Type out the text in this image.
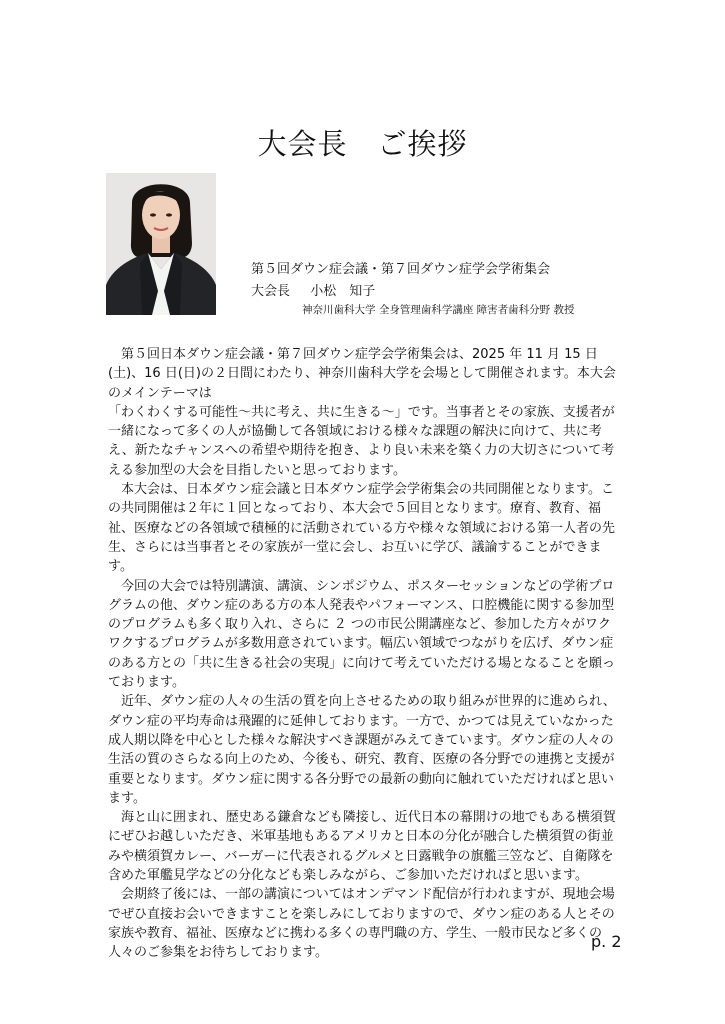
大会長　ご挨拶
第５回ダウン症会議・第７回ダウン症学会学術集会
大会長 小松　知子
神奈川歯科大学 全身管理歯科学講座 障害者歯科分野 教授

第５回日本ダウン症会議・第７回ダウン症学会学術集会は、2025 年 11 月 15 日(土)、16 日(日)の２日間にわたり、神奈川歯科大学を会場として開催されます。本大会のメインテーマは
「わくわくする可能性〜共に考え、共に生きる〜」です。当事者とその家族、支援者が一緒になって多くの人が協働して各領域における様々な課題の解決に向けて、共に考え、新たなチャンスへの希望や期待を抱き、より良い未来を築く力の大切さについて考える参加型の大会を目指したいと思っております。

本大会は、日本ダウン症会議と日本ダウン症学会学術集会の共同開催となります。この共同開催は２年に１回となっており、本大会で５回目となります。療育、教育、福祉、医療などの各領域で積極的に活動されている方や様々な領域における第一人者の先生、さらには当事者とその家族が一堂に会し、お互いに学び、議論することができます。

今回の大会では特別講演、講演、シンポジウム、ポスターセッションなどの学術プログラムの他、ダウン症のある方の本人発表やパフォーマンス、口腔機能に関する参加型のプログラムも多く取り入れ、さらに ２ つの市民公開講座など、参加した方々がワクワクするプログラムが多数用意されています。幅広い領域でつながりを広げ、ダウン症のある方との「共に生きる社会の実現」に向けて考えていただける場となることを願っております。

近年、ダウン症の人々の生活の質を向上させるための取り組みが世界的に進められ、ダウン症の平均寿命は飛躍的に延伸しております。一方で、かつては見えていなかった成人期以降を中心とした様々な解決すべき課題がみえてきています。ダウン症の人々の生活の質のさらなる向上のため、今後も、研究、教育、医療の各分野での連携と支援が重要となります。ダウン症に関する各分野での最新の動向に触れていただければと思います。

海と山に囲まれ、歴史ある鎌倉なども隣接し、近代日本の幕開けの地でもある横須賀にぜひお越しいただき、米軍基地もあるアメリカと日本の分化が融合した横須賀の街並みや横須賀カレー、バーガーに代表されるグルメと日露戦争の旗艦三笠など、自衛隊を含めた軍艦見学などの分化なども楽しみながら、ご参加いただければと思います。

会期終了後には、一部の講演についてはオンデマンド配信が行われますが、現地会場でぜひ直接お会いできますことを楽しみにしておりますので、ダウン症のある人とその家族や教育、福祉、医療などに携わる多くの専門職の方、学生、一般市民など多くの人々のご参集をお待ちしております。

p. 2
